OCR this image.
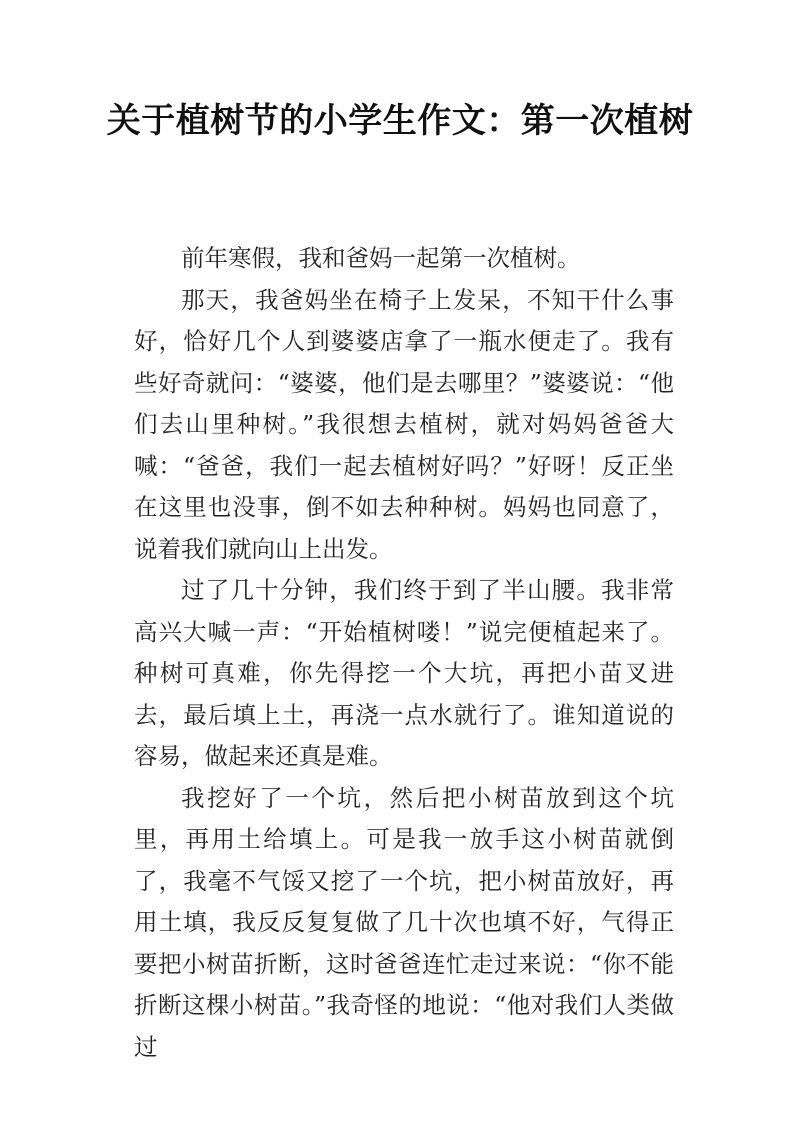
关于植树节的小学生作文：第一次植树

前年寒假，我和爸妈一起第一次植树。

那天，我爸妈坐在椅子上发呆，不知干什么事好，恰好几个人到婆婆店拿了一瓶水便走了。我有些好奇就问：“婆婆，他们是去哪里？”婆婆说：“他们去山里种树。”我很想去植树，就对妈妈爸爸大喊：“爸爸，我们一起去植树好吗？”好呀！反正坐在这里也没事，倒不如去种种树。妈妈也同意了，说着我们就向山上出发。

过了几十分钟，我们终于到了半山腰。我非常高兴大喊一声：“开始植树喽！”说完便植起来了。种树可真难，你先得挖一个大坑，再把小苗叉进去，最后填上土，再浇一点水就行了。谁知道说的容易，做起来还真是难。

我挖好了一个坑，然后把小树苗放到这个坑里，再用土给填上。可是我一放手这小树苗就倒了，我毫不气馁又挖了一个坑，把小树苗放好，再用土填，我反反复复做了几十次也填不好，气得正要把小树苗折断，这时爸爸连忙走过来说：“你不能折断这棵小树苗。”我奇怪的地说：“他对我们人类做过
